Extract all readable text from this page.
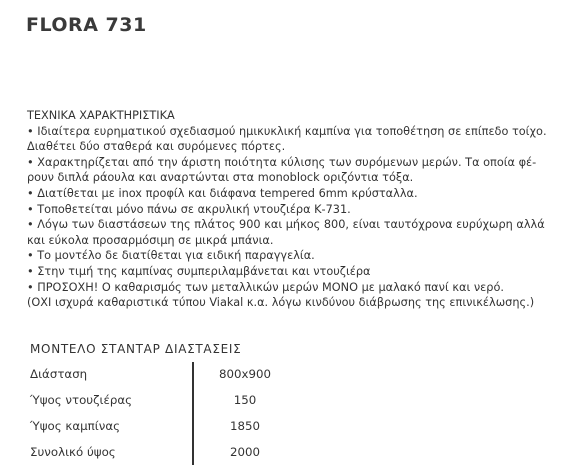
FLORA 731
ΤΕΧΝΙΚΑ ΧΑΡΑΚΤΗΡΙΣΤΙΚΑ
• Ιδιαίτερα ευρηματικού σχεδιασμού ημικυκλική καμπίνα για τοποθέτηση σε επίπεδο τοίχο.
Διαθέτει δύο σταθερά και συρόμενες πόρτες.
• Χαρακτηρίζεται από την άριστη ποιότητα κύλισης των συρόμενων μερών. Τα οποία φέ-
ρουν διπλά ράουλα και αναρτώνται στα monoblock οριζόντια τόξα.
• Διατίθεται με inox προφίλ και διάφανα tempered 6mm κρύσταλλα.
• Τοποθετείται μόνο πάνω σε ακρυλική ντουζιέρα Κ-731.
• Λόγω των διαστάσεων της πλάτος 900 και μήκος 800, είναι ταυτόχρονα ευρύχωρη αλλά
και εύκολα προσαρμόσιμη σε μικρά μπάνια.
• Το μοντέλο δε διατίθεται για ειδική παραγγελία.
• Στην τιμή της καμπίνας συμπεριλαμβάνεται και ντουζιέρα
• ΠΡΟΣΟΧΗ! Ο καθαρισμός των μεταλλικών μερών ΜΟΝΟ με μαλακό πανί και νερό.
(ΟΧΙ ισχυρά καθαριστικά τύπου Viakal κ.α. λόγω κινδύνου διάβρωσης της επινικέλωσης.)
ΜΟΝΤΕΛΟ ΣΤΑΝΤΑΡ ΔΙΑΣΤΑΣΕΙΣ
Διάσταση	800x900
Ύψος ντουζιέρας	150
Ύψος καμπίνας	1850
Συνολικό ύψος	2000
